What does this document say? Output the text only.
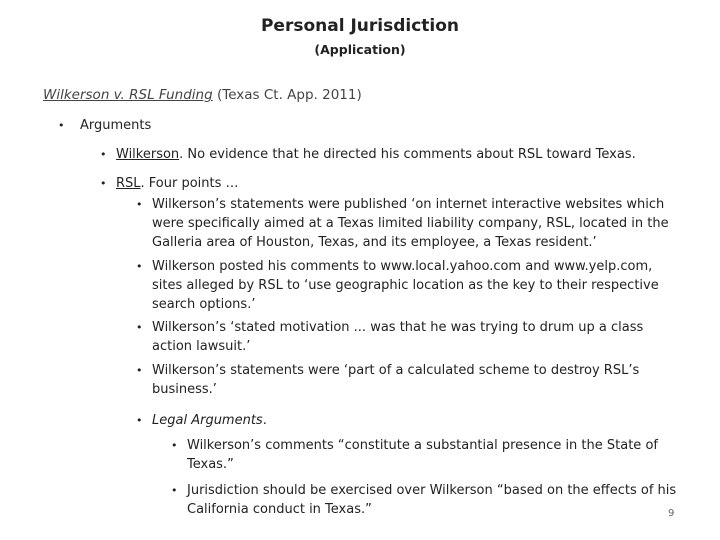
Personal Jurisdiction
(Application)
Wilkerson v. RSL Funding (Texas Ct. App. 2011)
• Arguments
• Wilkerson. No evidence that he directed his comments about RSL toward Texas.
• RSL. Four points …
• Wilkerson’s statements were published ‘on internet interactive websites which
were specifically aimed at a Texas limited liability company, RSL, located in the
Galleria area of Houston, Texas, and its employee, a Texas resident.’
• Wilkerson posted his comments to www.local.yahoo.com and www.yelp.com,
sites alleged by RSL to ‘use geographic location as the key to their respective
search options.’
• Wilkerson’s ‘stated motivation ... was that he was trying to drum up a class
action lawsuit.’
• Wilkerson’s statements were ‘part of a calculated scheme to destroy RSL’s
business.’
• Legal Arguments.
• Wilkerson’s comments “constitute a substantial presence in the State of
Texas.”
• Jurisdiction should be exercised over Wilkerson “based on the effects of his
California conduct in Texas.”	9
